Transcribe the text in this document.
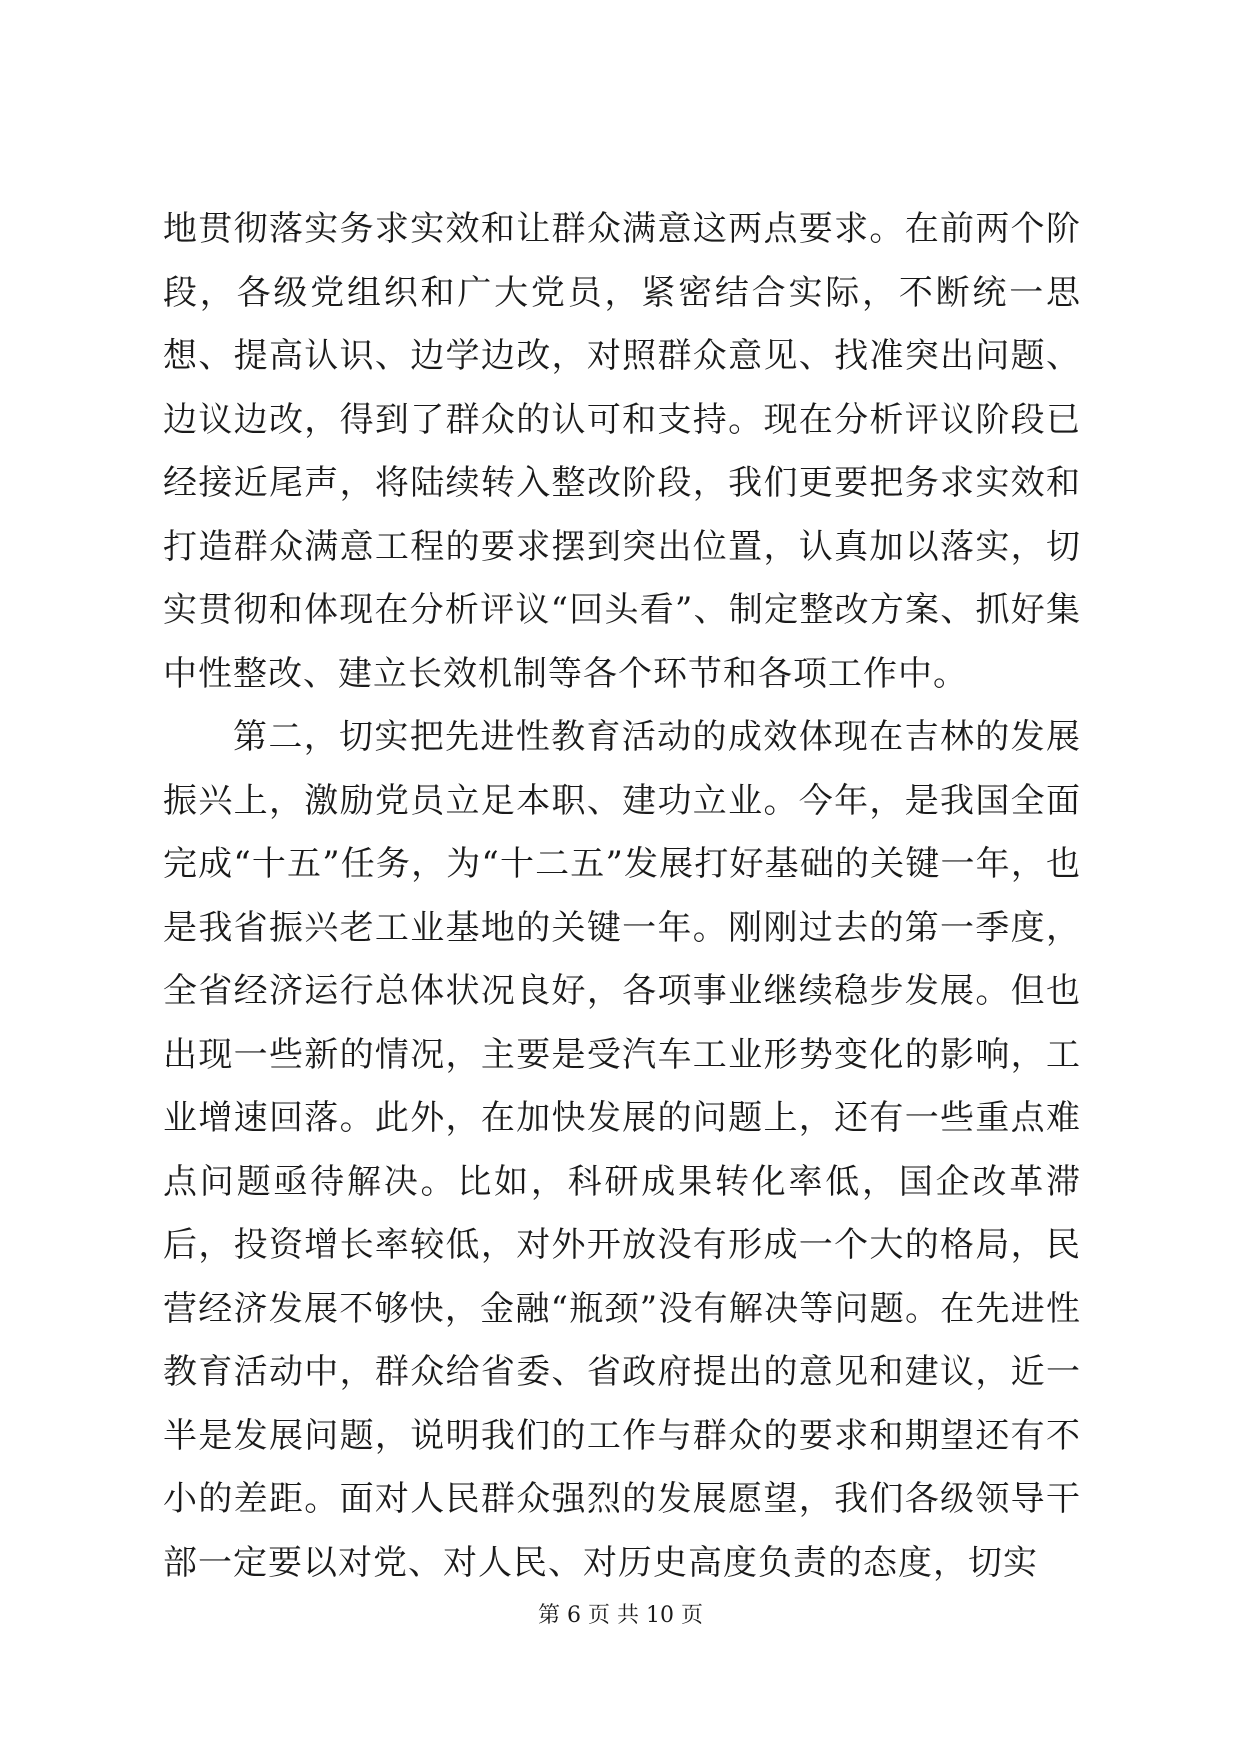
地贯彻落实务求实效和让群众满意这两点要求。在前两个阶段，各级党组织和广大党员，紧密结合实际，不断统一思想、提高认识、边学边改，对照群众意见、找准突出问题、边议边改，得到了群众的认可和支持。现在分析评议阶段已经接近尾声，将陆续转入整改阶段，我们更要把务求实效和打造群众满意工程的要求摆到突出位置，认真加以落实，切实贯彻和体现在分析评议“回头看”、制定整改方案、抓好集中性整改、建立长效机制等各个环节和各项工作中。

第二，切实把先进性教育活动的成效体现在吉林的发展振兴上，激励党员立足本职、建功立业。今年，是我国全面完成“十五”任务，为“十二五”发展打好基础的关键一年，也是我省振兴老工业基地的关键一年。刚刚过去的第一季度，全省经济运行总体状况良好，各项事业继续稳步发展。但也出现一些新的情况，主要是受汽车工业形势变化的影响，工业增速回落。此外，在加快发展的问题上，还有一些重点难点问题亟待解决。比如，科研成果转化率低，国企改革滞后，投资增长率较低，对外开放没有形成一个大的格局，民营经济发展不够快，金融“瓶颈”没有解决等问题。在先进性教育活动中，群众给省委、省政府提出的意见和建议，近一半是发展问题，说明我们的工作与群众的要求和期望还有不小的差距。面对人民群众强烈的发展愿望，我们各级领导干部一定要以对党、对人民、对历史高度负责的态度，切实

第 6 页 共 10 页
